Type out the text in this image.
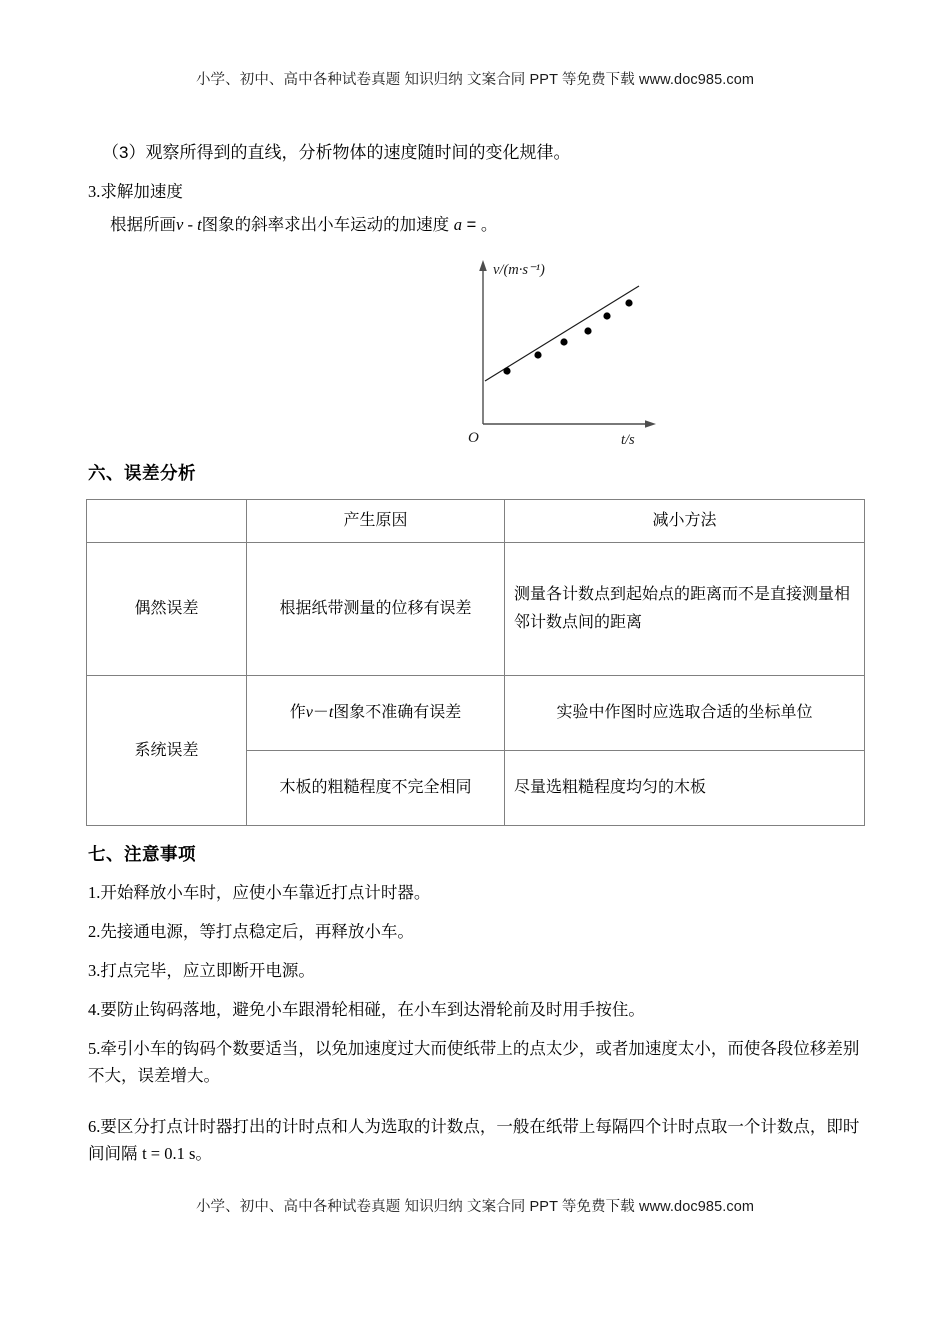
小学、初中、高中各种试卷真题 知识归纳 文案合同 PPT 等免费下载 www.doc985.com
（3）观察所得到的直线，分析物体的速度随时间的变化规律。
3.求解加速度
根据所画v - t图象的斜率求出小车运动的加速度 a = 。
v/(m·s⁻¹)
t/s
O
六、误差分析
	产生原因	减小方法
偶然误差	根据纸带测量的位移有误差	测量各计数点到起始点的距离而不是直接测量相邻计数点间的距离
系统误差	作v－t图象不准确有误差	实验中作图时应选取合适的坐标单位
	木板的粗糙程度不完全相同	尽量选粗糙程度均匀的木板
七、注意事项
1.开始释放小车时，应使小车靠近打点计时器。
2.先接通电源，等打点稳定后，再释放小车。
3.打点完毕，应立即断开电源。
4.要防止钩码落地，避免小车跟滑轮相碰，在小车到达滑轮前及时用手按住。
5.牵引小车的钩码个数要适当，以免加速度过大而使纸带上的点太少，或者加速度太小，而使各段位移差别不大，误差增大。
6.要区分打点计时器打出的计时点和人为选取的计数点，一般在纸带上每隔四个计时点取一个计数点，即时间间隔 t = 0.1 s。
小学、初中、高中各种试卷真题 知识归纳 文案合同 PPT 等免费下载 www.doc985.com
